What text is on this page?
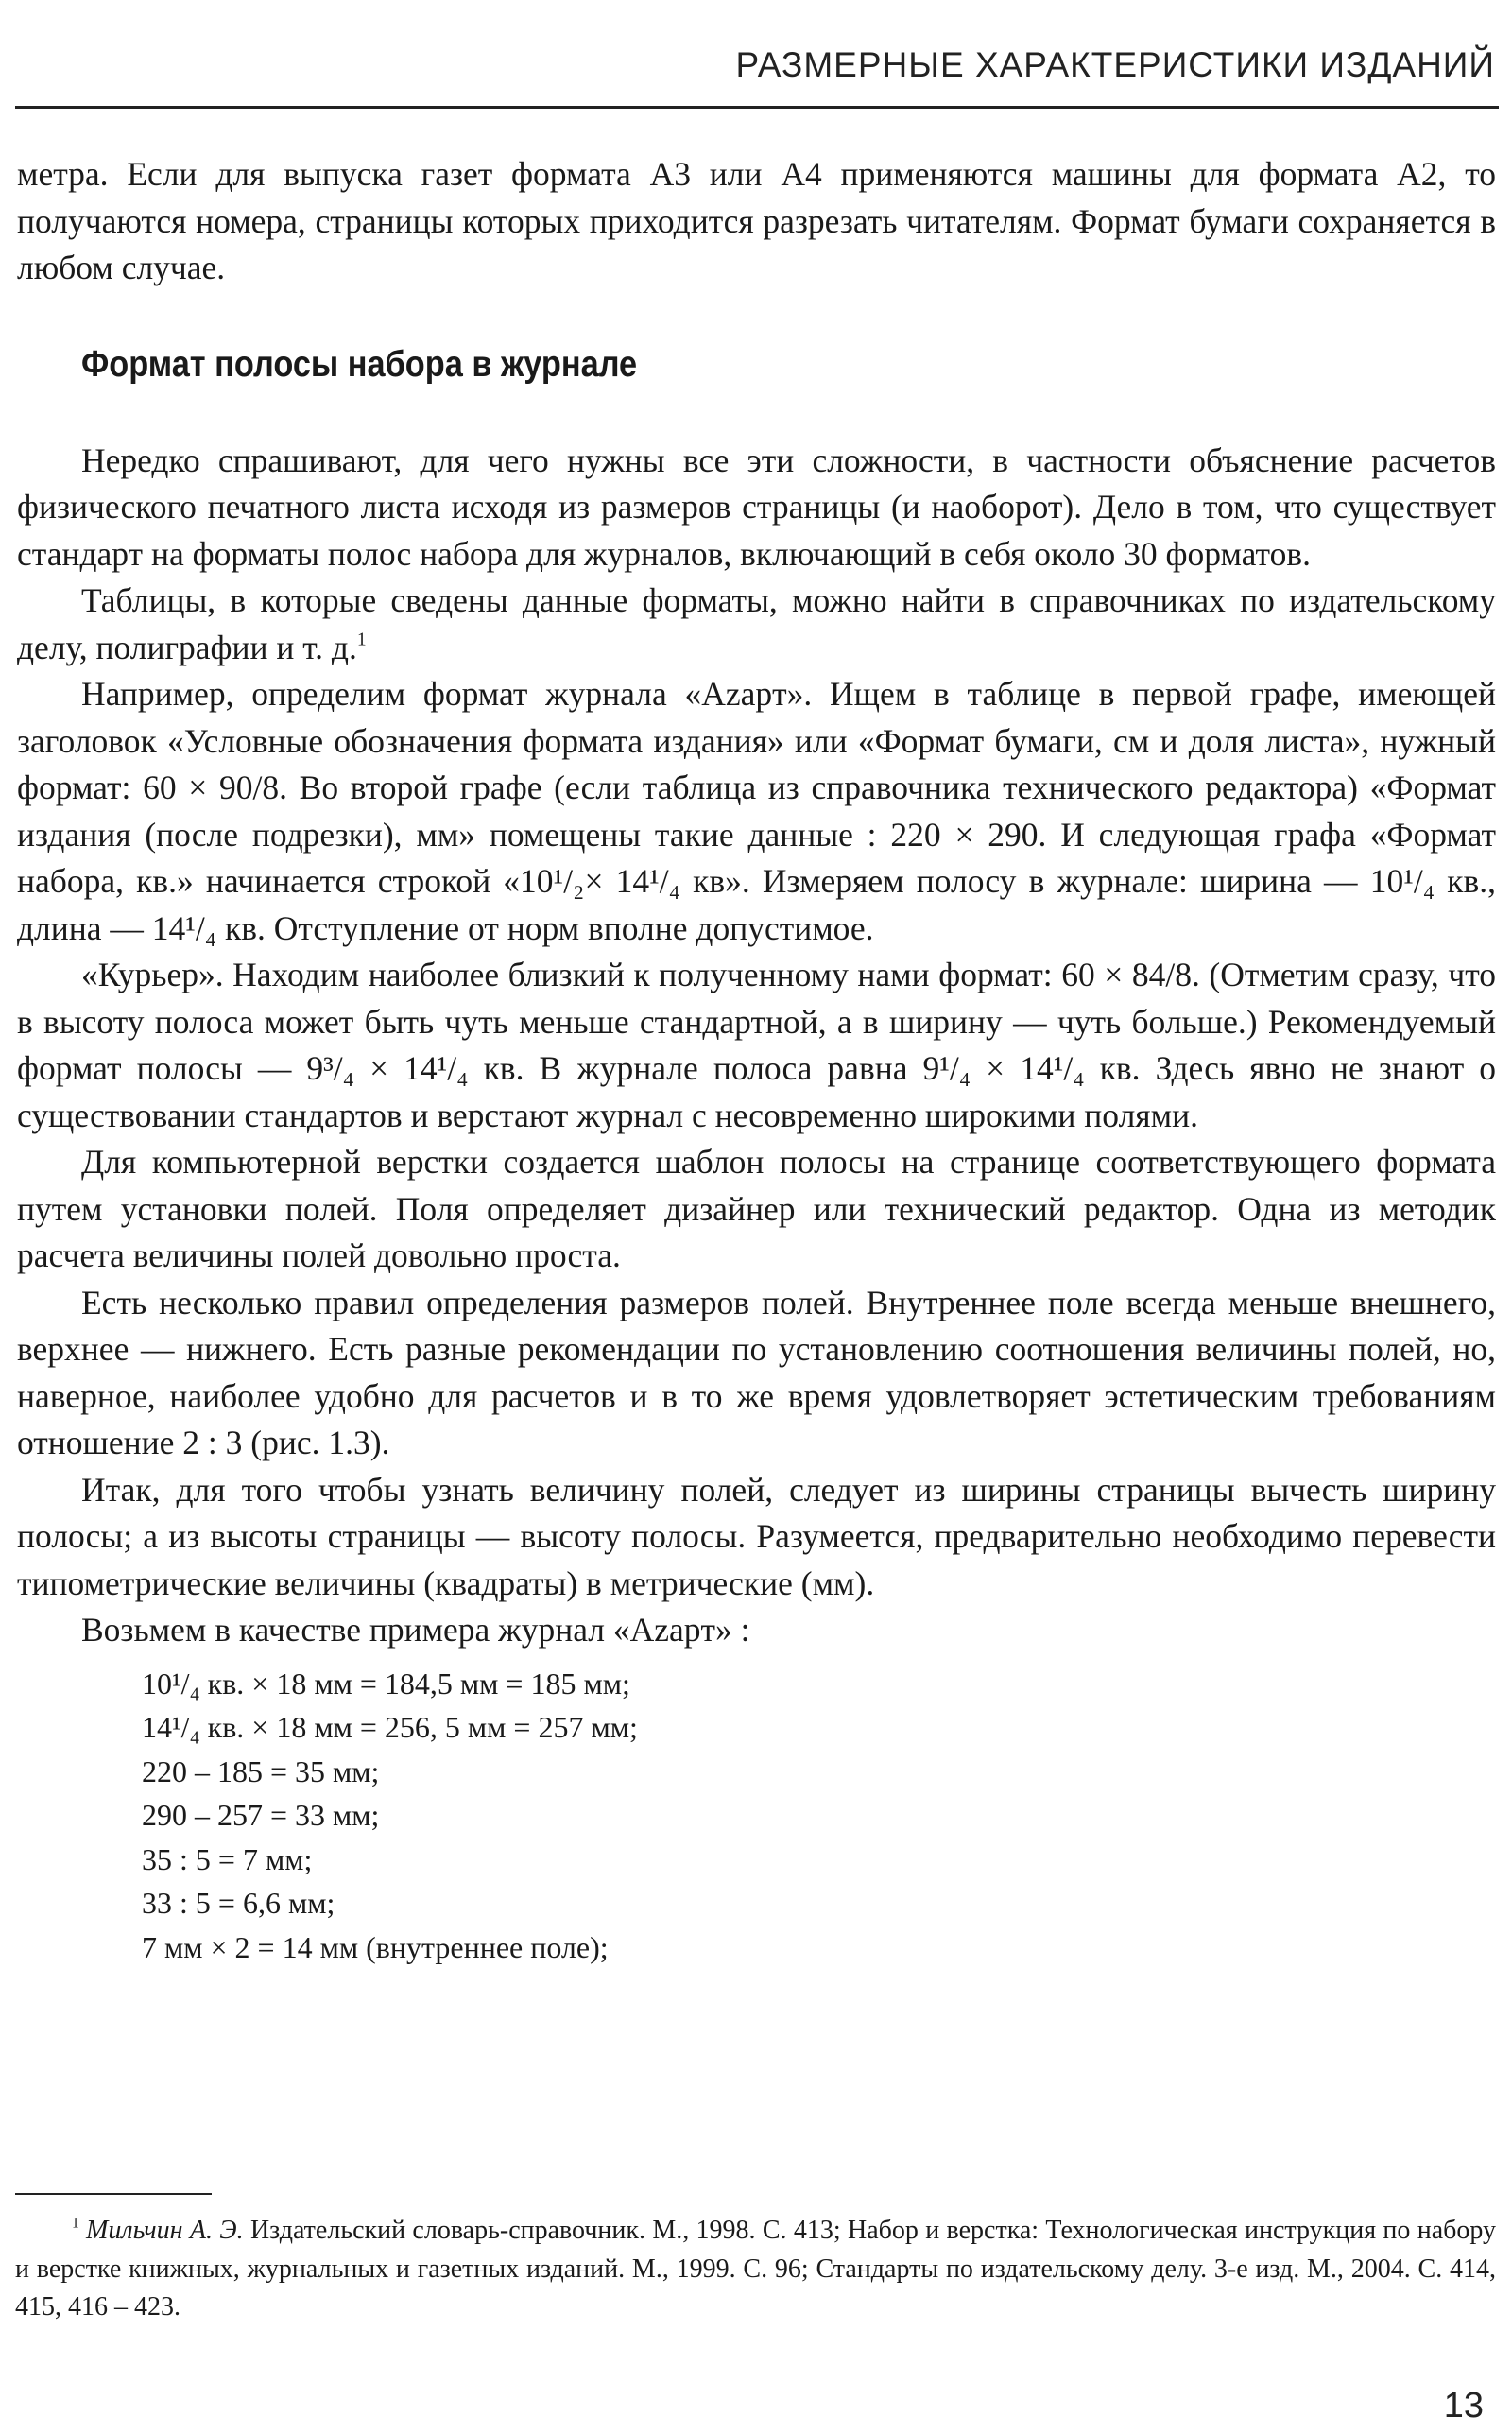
РАЗМЕРНЫЕ ХАРАКТЕРИСТИКИ ИЗДАНИЙ

метра. Если для выпуска газет формата А3 или А4 применяются машины для формата А2, то получаются номера, страницы которых приходится разрезать читателям. Формат бумаги сохраняется в любом случае.

Формат полосы набора в журнале

Нередко спрашивают, для чего нужны все эти сложности, в частности объяснение расчетов физического печатного листа исходя из размеров страницы (и наоборот). Дело в том, что существует стандарт на форматы полос набора для журналов, включающий в себя около 30 форматов.

Таблицы, в которые сведены данные форматы, можно найти в справочниках по издательскому делу, полиграфии и т. д.$^1$

Например, определим формат журнала «Azapт». Ищем в таблице в первой графе, имеющей заголовок «Условные обозначения формата издания» или «Формат бумаги, см и доля листа», нужный формат: 60 × 90/8. Во второй графе (если таблица из справочника технического редактора) «Формат издания (после подрезки), мм» помещены такие данные : 220 × 290. И следующая графа «Формат набора, кв.» начинается строкой «10¹/₂× 14¹/₄ кв». Измеряем полосу в журнале: ширина — 10¹/₄ кв., длина — 14¹/₄ кв. Отступление от норм вполне допустимое.

«Курьер». Находим наиболее близкий к полученному нами формат: 60 × 84/8. (Отметим сразу, что в высоту полоса может быть чуть меньше стандартной, а в ширину — чуть больше.) Рекомендуемый формат полосы — 9³/₄ × 14¹/₄ кв. В журнале полоса равна 9¹/₄ × 14¹/₄ кв. Здесь явно не знают о существовании стандартов и верстают журнал с несовременно широкими полями.

Для компьютерной верстки создается шаблон полосы на странице соответствующего формата путем установки полей. Поля определяет дизайнер или технический редактор. Одна из методик расчета величины полей довольно проста.

Есть несколько правил определения размеров полей. Внутреннее поле всегда меньше внешнего, верхнее — нижнего. Есть разные рекомендации по установлению соотношения величины полей, но, наверное, наиболее удобно для расчетов и в то же время удовлетворяет эстетическим требованиям отношение 2 : 3 (рис. 1.3).

Итак, для того чтобы узнать величину полей, следует из ширины страницы вычесть ширину полосы; а из высоты страницы — высоту полосы. Разумеется, предварительно необходимо перевести типометрические величины (квадраты) в метрические (мм).

Возьмем в качестве примера журнал «Azapт» :

10¹/₄ кв. × 18 мм = 184,5 мм = 185 мм;
14¹/₄ кв. × 18 мм = 256, 5 мм = 257 мм;
220 – 185 = 35 мм;
290 – 257 = 33 мм;
35 : 5 = 7 мм;
33 : 5 = 6,6 мм;
7 мм × 2 = 14 мм (внутреннее поле);

$^1$ Мильчин А. Э. Издательский словарь-справочник. М., 1998. С. 413; Набор и верстка: Технологическая инструкция по набору и верстке книжных, журнальных и газетных изданий. М., 1999. С. 96; Стандарты по издательскому делу. 3-е изд. М., 2004. С. 414, 415, 416 – 423.

13
